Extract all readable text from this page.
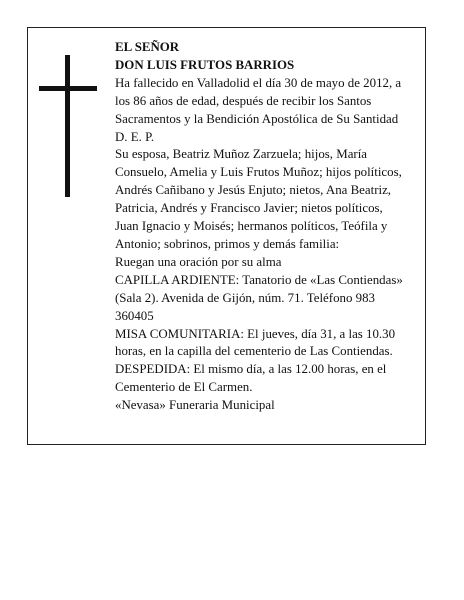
EL SEÑOR

DON LUIS FRUTOS BARRIOS

Ha fallecido en Valladolid el día 30 de mayo de 2012, a

los 86 años de edad, después de recibir los Santos

Sacramentos y la Bendición Apostólica de Su Santidad

D. E. P.

Su esposa, Beatriz Muñoz Zarzuela; hijos, María

Consuelo, Amelia y Luis Frutos Muñoz; hijos políticos,

Andrés Cañibano y Jesús Enjuto; nietos, Ana Beatriz,

Patricia, Andrés y Francisco Javier; nietos políticos,

Juan Ignacio y Moisés; hermanos políticos, Teófila y

Antonio; sobrinos, primos y demás familia:

Ruegan una oración por su alma

CAPILLA ARDIENTE: Tanatorio de «Las Contiendas»

(Sala 2). Avenida de Gijón, núm. 71. Teléfono 983

360405

MISA COMUNITARIA: El jueves, día 31, a las 10.30

horas, en la capilla del cementerio de Las Contiendas.

DESPEDIDA: El mismo día, a las 12.00 horas, en el

Cementerio de El Carmen.

«Nevasa» Funeraria Municipal
